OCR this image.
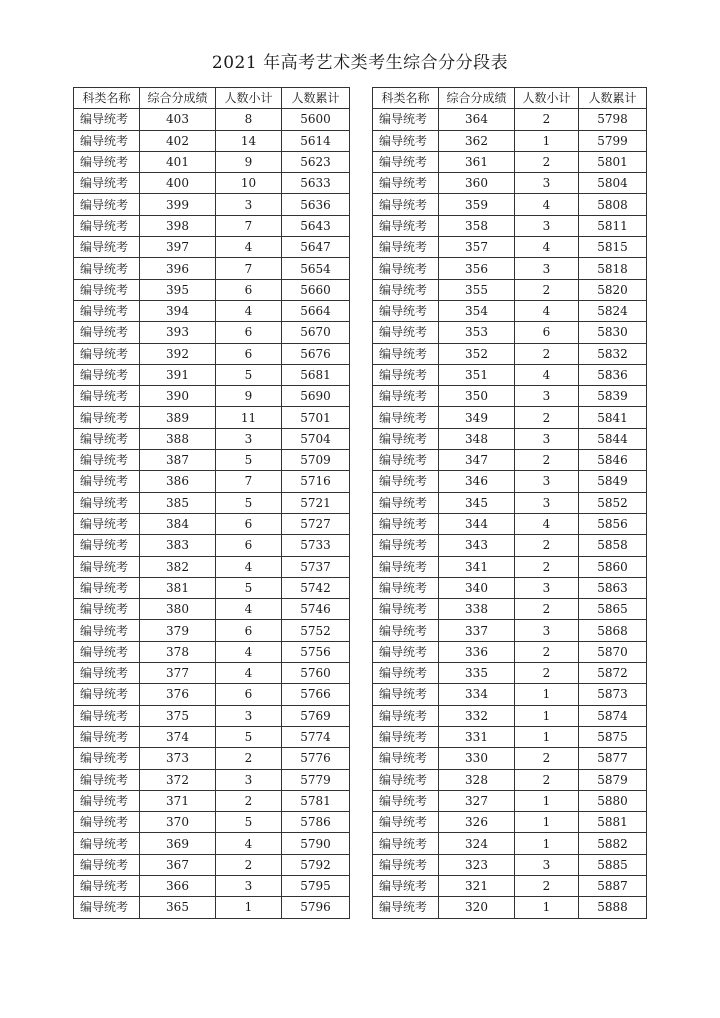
2021 年高考艺术类考生综合分分段表
科类名称	综合分成绩	人数小计	人数累计
编导统考	403	8	5600
编导统考	402	14	5614
编导统考	401	9	5623
编导统考	400	10	5633
编导统考	399	3	5636
编导统考	398	7	5643
编导统考	397	4	5647
编导统考	396	7	5654
编导统考	395	6	5660
编导统考	394	4	5664
编导统考	393	6	5670
编导统考	392	6	5676
编导统考	391	5	5681
编导统考	390	9	5690
编导统考	389	11	5701
编导统考	388	3	5704
编导统考	387	5	5709
编导统考	386	7	5716
编导统考	385	5	5721
编导统考	384	6	5727
编导统考	383	6	5733
编导统考	382	4	5737
编导统考	381	5	5742
编导统考	380	4	5746
编导统考	379	6	5752
编导统考	378	4	5756
编导统考	377	4	5760
编导统考	376	6	5766
编导统考	375	3	5769
编导统考	374	5	5774
编导统考	373	2	5776
编导统考	372	3	5779
编导统考	371	2	5781
编导统考	370	5	5786
编导统考	369	4	5790
编导统考	367	2	5792
编导统考	366	3	5795
编导统考	365	1	5796
科类名称	综合分成绩	人数小计	人数累计
编导统考	364	2	5798
编导统考	362	1	5799
编导统考	361	2	5801
编导统考	360	3	5804
编导统考	359	4	5808
编导统考	358	3	5811
编导统考	357	4	5815
编导统考	356	3	5818
编导统考	355	2	5820
编导统考	354	4	5824
编导统考	353	6	5830
编导统考	352	2	5832
编导统考	351	4	5836
编导统考	350	3	5839
编导统考	349	2	5841
编导统考	348	3	5844
编导统考	347	2	5846
编导统考	346	3	5849
编导统考	345	3	5852
编导统考	344	4	5856
编导统考	343	2	5858
编导统考	341	2	5860
编导统考	340	3	5863
编导统考	338	2	5865
编导统考	337	3	5868
编导统考	336	2	5870
编导统考	335	2	5872
编导统考	334	1	5873
编导统考	332	1	5874
编导统考	331	1	5875
编导统考	330	2	5877
编导统考	328	2	5879
编导统考	327	1	5880
编导统考	326	1	5881
编导统考	324	1	5882
编导统考	323	3	5885
编导统考	321	2	5887
编导统考	320	1	5888
